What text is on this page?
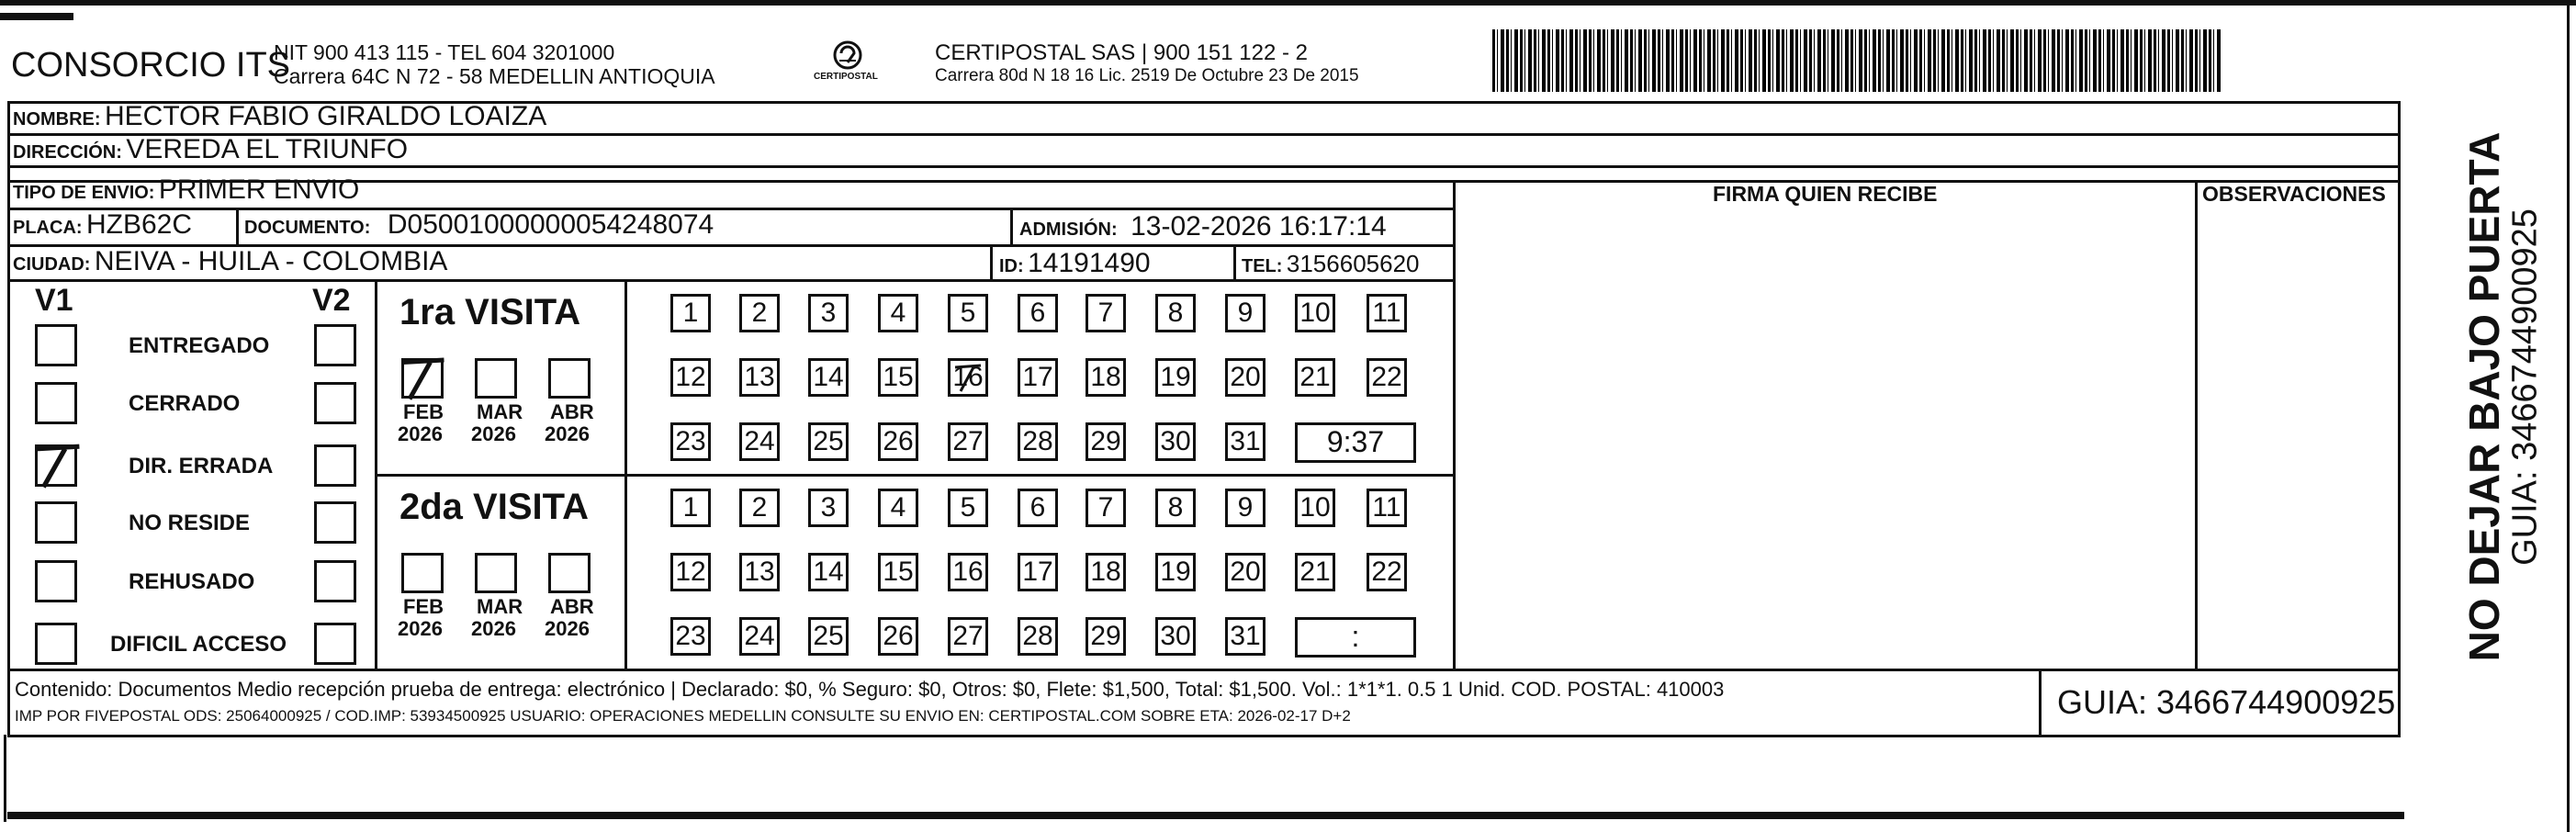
CONSORCIO ITS
NIT 900 413 115 - TEL 604 3201000
Carrera 64C N 72 - 58 MEDELLIN ANTIOQUIA	CERTIPOSTAL
CERTIPOSTAL SAS | 900 151 122 - 2
Carrera 80d N 18 16 Lic. 2519 De Octubre 23 De 2015
NOMBRE: HECTOR FABIO GIRALDO LOAIZA
DIRECCIÓN: VEREDA EL TRIUNFO
TIPO DE ENVIO: PRIMER ENVIO	FIRMA QUIEN RECIBE	OBSERVACIONES
PLACA: HZB62C	DOCUMENTO: D05001000000054248074	ADMISIÓN: 13-02-2026 16:17:14
CIUDAD: NEIVA - HUILA - COLOMBIA	ID: 14191490	TEL: 3156605620
V1	V2
ENTREGADO
CERRADO
DIR. ERRADA
NO RESIDE
REHUSADO
DIFICIL ACCESO
1ra VISITA
FEB
2026
MAR
2026
ABR
2026
1	2	3	4	5	6	7	8	9	10 11
12 13 14 15 16 17 18 19 20 21 22
23 24 25 26 27 28 29 30 31	9:37
2da VISITA
FEB
2026
MAR
2026
ABR
2026
1	2	3	4	5	6	7	8	9	10 11
12 13 14 15 16 17 18 19 20 21 22
23 24 25 26 27 28 29 30 31	:
Contenido: Documentos Medio recepción prueba de entrega: electrónico | Declarado: $0, % Seguro: $0, Otros: $0, Flete: $1,500, Total: $1,500. Vol.: 1*1*1. 0.5 1 Unid. COD. POSTAL: 410003
IMP POR FIVEPOSTAL ODS: 25064000925 / COD.IMP: 53934500925 USUARIO: OPERACIONES MEDELLIN CONSULTE SU ENVIO EN: CERTIPOSTAL.COM SOBRE ETA: 2026-02-17 D+2	GUIA: 3466744900925
NO DEJAR BAJO PUERTA
GUIA: 3466744900925
